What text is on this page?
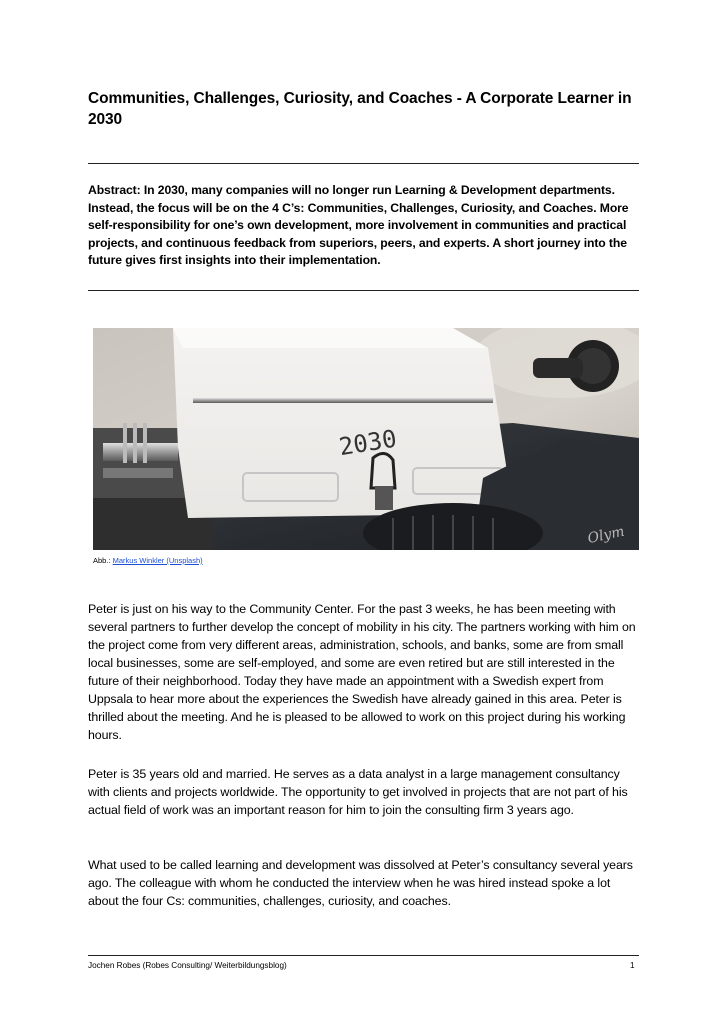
Communities, Challenges, Curiosity, and Coaches - A Corporate Learner in 2030
Abstract: In 2030, many companies will no longer run Learning & Development departments. Instead, the focus will be on the 4 C’s: Communities, Challenges, Curiosity, and Coaches. More self-responsibility for one’s own development, more involvement in communities and practical projects, and continuous feedback from superiors, peers, and experts. A short journey into the future gives first insights into their implementation.
2030
Olym
Abb.: Markus Winkler (Unsplash)
Peter is just on his way to the Community Center. For the past 3 weeks, he has been meeting with several partners to further develop the concept of mobility in his city. The partners working with him on the project come from very different areas, administration, schools, and banks, some are from small local businesses, some are self-employed, and some are even retired but are still interested in the future of their neighborhood. Today they have made an appointment with a Swedish expert from Uppsala to hear more about the experiences the Swedish have already gained in this area. Peter is thrilled about the meeting. And he is pleased to be allowed to work on this project during his working hours.
Peter is 35 years old and married. He serves as a data analyst in a large management consultancy with clients and projects worldwide. The opportunity to get involved in projects that are not part of his actual field of work was an important reason for him to join the consulting firm 3 years ago.
What used to be called learning and development was dissolved at Peter’s consultancy several years ago. The colleague with whom he conducted the interview when he was hired instead spoke a lot about the four Cs: communities, challenges, curiosity, and coaches.
Jochen Robes (Robes Consulting/ Weiterbildungsblog)	1
